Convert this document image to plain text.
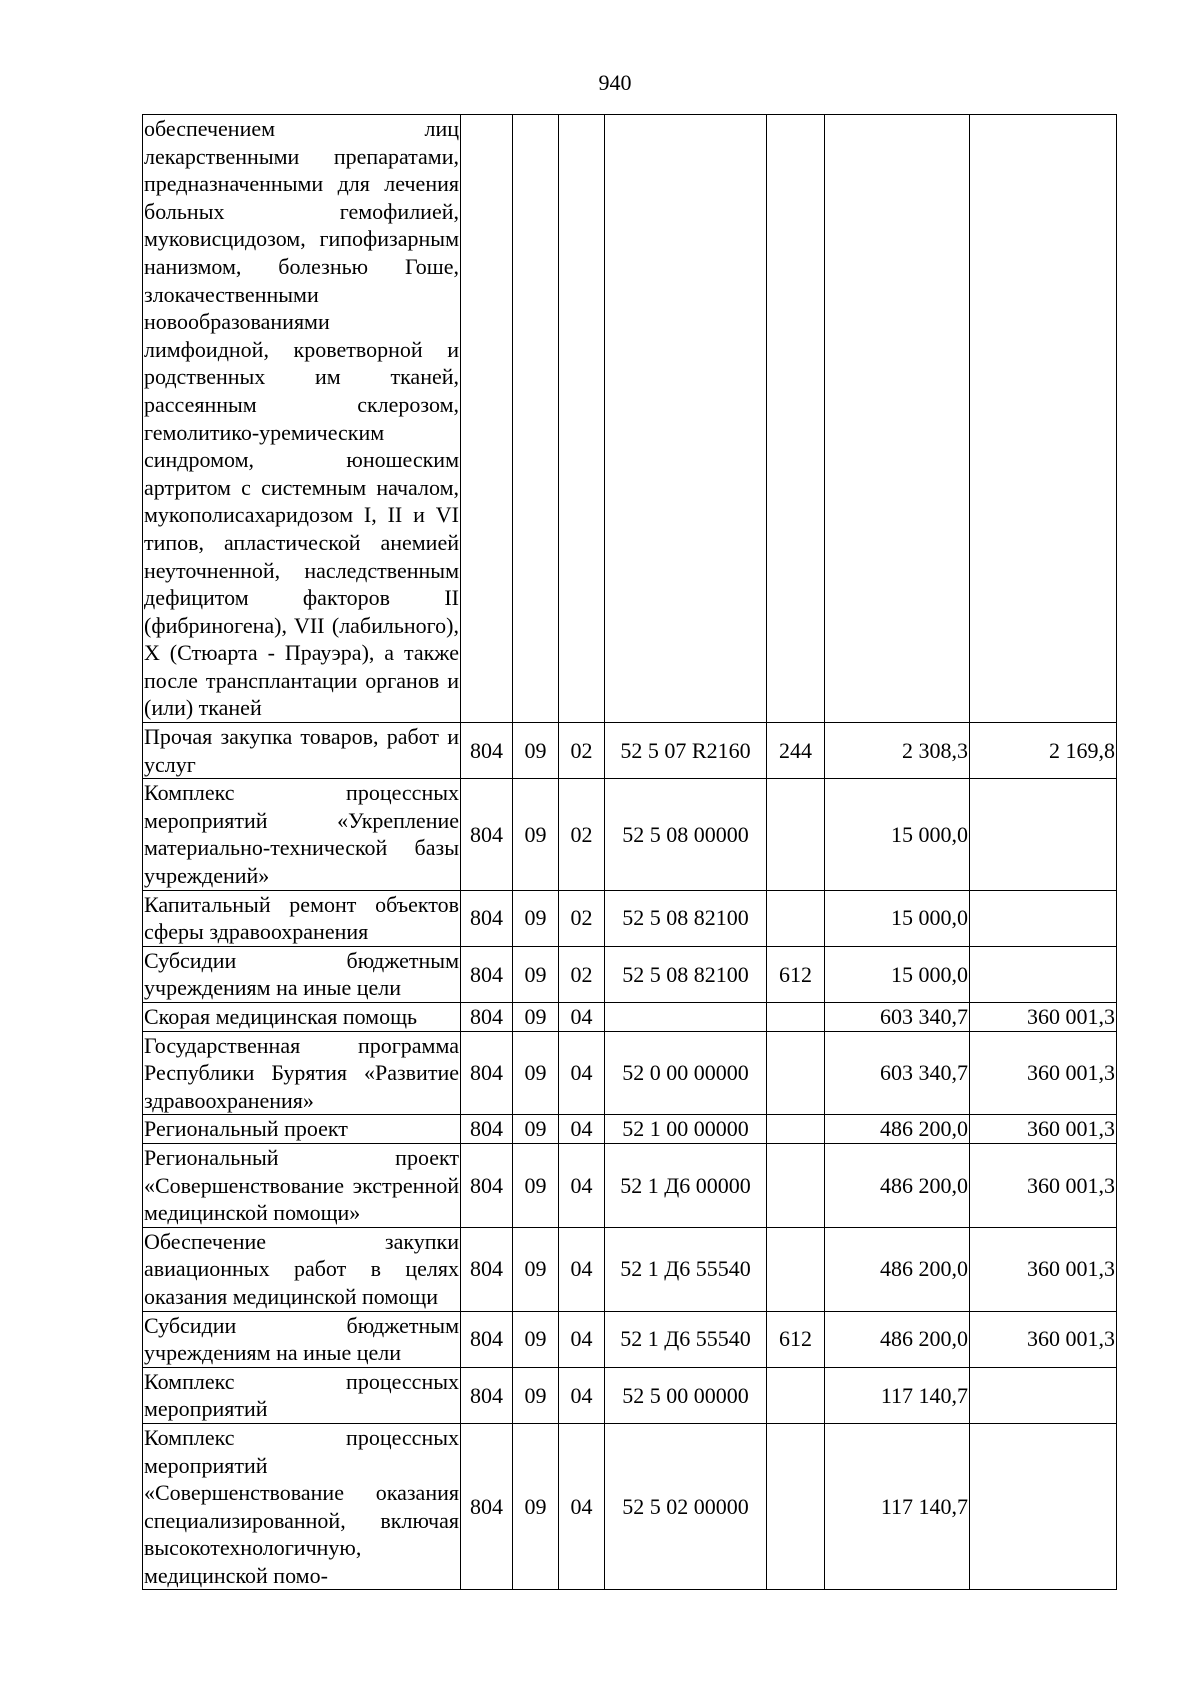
940
обеспечением лиц лекарственными препаратами, предназначенными для лечения больных гемофилией, муковисцидозом, гипофизарным нанизмом, болезнью Гоше, злокачественными новообразованиями лимфоидной, кроветворной и родственных им тканей, рассеянным склерозом, гемолитико-уремическим синдромом, юношеским артритом с системным началом, мукополисахаридозом I, II и VI типов, апластической анемией неуточненной, наследственным дефицитом факторов II (фибриногена), VII (лабильного), X (Стюарта - Прауэра), а также после трансплантации органов и (или) тканей							
Прочая закупка товаров, работ и услуг	804	09	02	52 5 07 R2160	244	2 308,3	2 169,8
Комплекс процессных мероприятий «Укрепление материально-технической базы учреждений»	804	09	02	52 5 08 00000		15 000,0	
Капитальный ремонт объектов сферы здравоохранения	804	09	02	52 5 08 82100		15 000,0	
Субсидии бюджетным учреждениям на иные цели	804	09	02	52 5 08 82100	612	15 000,0	
Скорая медицинская помощь	804	09	04			603 340,7	360 001,3
Государственная программа Республики Бурятия «Развитие здравоохранения»	804	09	04	52 0 00 00000		603 340,7	360 001,3
Региональный проект	804	09	04	52 1 00 00000		486 200,0	360 001,3
Региональный проект «Совершенствование экстренной медицинской помощи»	804	09	04	52 1 Д6 00000		486 200,0	360 001,3
Обеспечение закупки авиационных работ в целях оказания медицинской помощи	804	09	04	52 1 Д6 55540		486 200,0	360 001,3
Субсидии бюджетным учреждениям на иные цели	804	09	04	52 1 Д6 55540	612	486 200,0	360 001,3
Комплекс процессных мероприятий	804	09	04	52 5 00 00000		117 140,7	
Комплекс процессных мероприятий «Совершенствование оказания специализированной, включая высокотехнологичную, медицинской помо-	804	09	04	52 5 02 00000		117 140,7	
